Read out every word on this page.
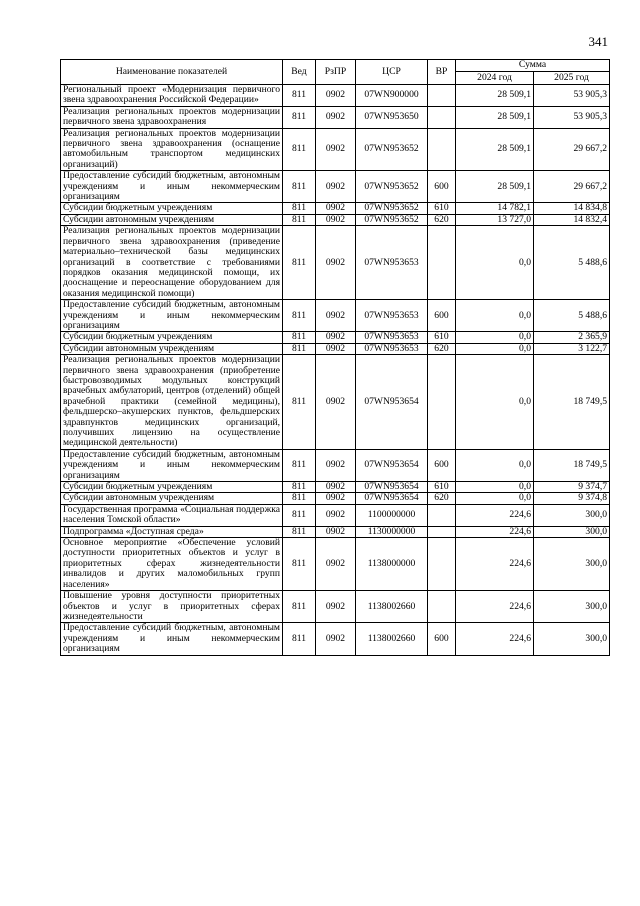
341
Наименование показателей	Вед	РзПР	ЦСР	ВР	Сумма	
					2024 год	2025 год
Региональный проект «Модернизация первичного звена здравоохранения Российской Федерации»	811	0902	07WN900000		28 509,1	53 905,3
Реализация региональных проектов модернизации первичного звена здравоохранения	811	0902	07WN953650		28 509,1	53 905,3
Реализация региональных проектов модернизации первичного звена здравоохранения (оснащение автомобильным транспортом медицинских организаций)	811	0902	07WN953652		28 509,1	29 667,2
Предоставление субсидий бюджетным, автономным учреждениям и иным некоммерческим организациям	811	0902	07WN953652	600	28 509,1	29 667,2
Субсидии бюджетным учреждениям	811	0902	07WN953652	610	14 782,1	14 834,8
Субсидии автономным учреждениям	811	0902	07WN953652	620	13 727,0	14 832,4
Реализация региональных проектов модернизации первичного звена здравоохранения (приведение материально–технической базы медицинских организаций в соответствие с требованиями порядков оказания медицинской помощи, их дооснащение и переоснащение оборудованием для оказания медицинской помощи)	811	0902	07WN953653		0,0	5 488,6
Предоставление субсидий бюджетным, автономным учреждениям и иным некоммерческим организациям	811	0902	07WN953653	600	0,0	5 488,6
Субсидии бюджетным учреждениям	811	0902	07WN953653	610	0,0	2 365,9
Субсидии автономным учреждениям	811	0902	07WN953653	620	0,0	3 122,7
Реализация региональных проектов модернизации первичного звена здравоохранения (приобретение быстровозводимых модульных конструкций врачебных амбулаторий, центров (отделений) общей врачебной практики (семейной медицины), фельдшерско–акушерских пунктов, фельдшерских здравпунктов медицинских организаций, получивших лицензию на осуществление медицинской деятельности)	811	0902	07WN953654		0,0	18 749,5
Предоставление субсидий бюджетным, автономным учреждениям и иным некоммерческим организациям	811	0902	07WN953654	600	0,0	18 749,5
Субсидии бюджетным учреждениям	811	0902	07WN953654	610	0,0	9 374,7
Субсидии автономным учреждениям	811	0902	07WN953654	620	0,0	9 374,8
Государственная программа «Социальная поддержка населения Томской области»	811	0902	1100000000		224,6	300,0
Подпрограмма «Доступная среда»	811	0902	1130000000		224,6	300,0
Основное мероприятие «Обеспечение условий доступности приоритетных объектов и услуг в приоритетных сферах жизнедеятельности инвалидов и других маломобильных групп населения»	811	0902	1138000000		224,6	300,0
Повышение уровня доступности приоритетных объектов и услуг в приоритетных сферах жизнедеятельности	811	0902	1138002660		224,6	300,0
Предоставление субсидий бюджетным, автономным учреждениям и иным некоммерческим организациям	811	0902	1138002660	600	224,6	300,0
